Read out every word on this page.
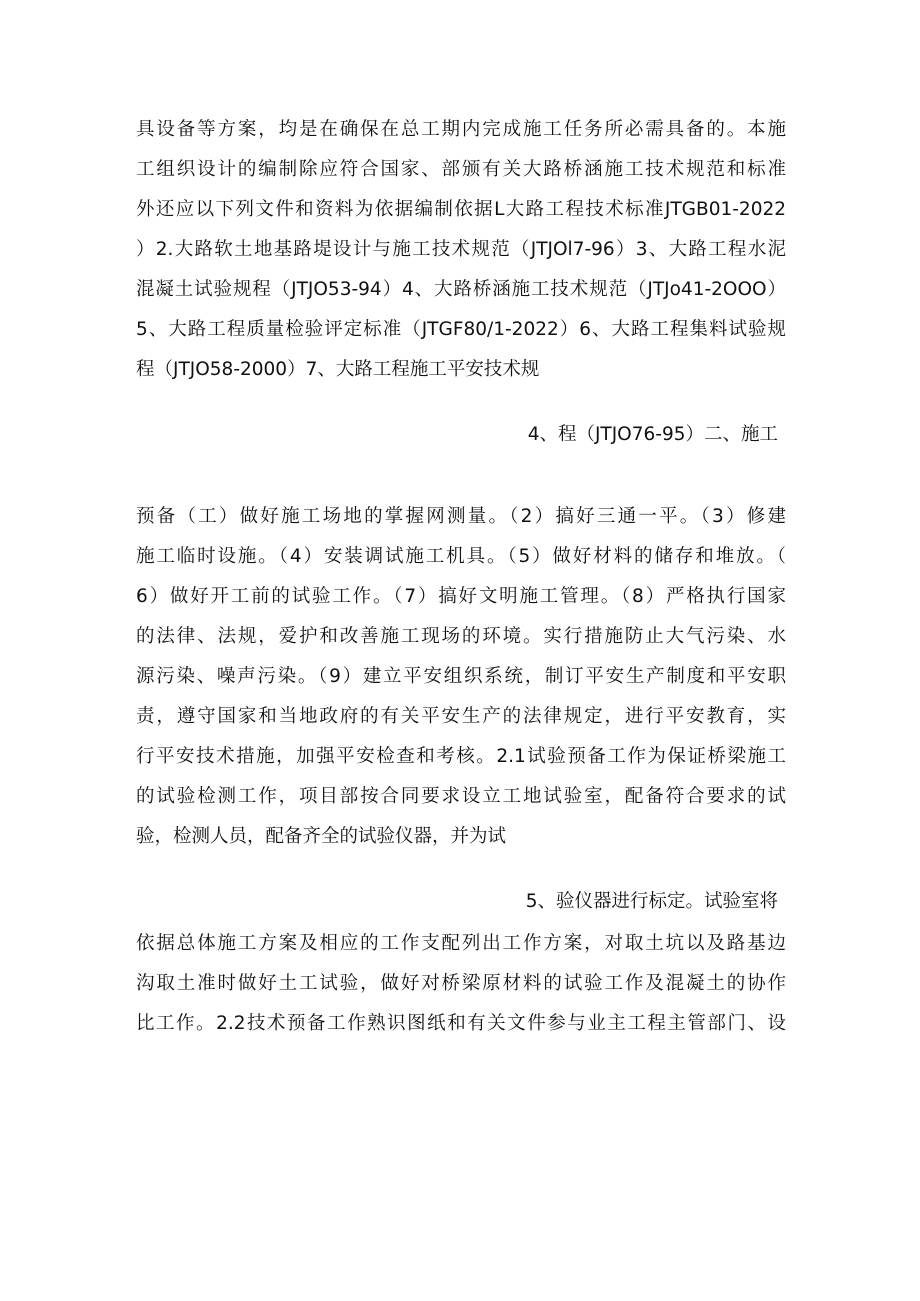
具设备等方案，均是在确保在总工期内完成施工任务所必需具备的。本施
工组织设计的编制除应符合国家、部颁有关大路桥涵施工技术规范和标准
外还应以下列文件和资料为依据编制依据L大路工程技术标准JTGB01-2022
）2.大路软土地基路堤设计与施工技术规范（JTJOl7-96）3、大路工程水泥
混凝土试验规程（JTJO53-94）4、大路桥涵施工技术规范（JTJo41-2OOO）
5、大路工程质量检验评定标准（JTGF80/1-2022）6、大路工程集料试验规
程（JTJO58-2000）7、大路工程施工平安技术规
4、程（JTJO76-95）二、施工
预备（工）做好施工场地的掌握网测量。（2）搞好三通一平。（3）修建
施工临时设施。（4）安装调试施工机具。（5）做好材料的储存和堆放。（
6）做好开工前的试验工作。（7）搞好文明施工管理。（8）严格执行国家
的法律、法规，爱护和改善施工现场的环境。实行措施防止大气污染、水
源污染、噪声污染。（9）建立平安组织系统，制订平安生产制度和平安职
责，遵守国家和当地政府的有关平安生产的法律规定，进行平安教育，实
行平安技术措施，加强平安检查和考核。2.1试验预备工作为保证桥梁施工
的试验检测工作，项目部按合同要求设立工地试验室，配备符合要求的试
验，检测人员，配备齐全的试验仪器，并为试
5、验仪器进行标定。试验室将
依据总体施工方案及相应的工作支配列出工作方案，对取土坑以及路基边
沟取土准时做好土工试验，做好对桥梁原材料的试验工作及混凝土的协作
比工作。2.2技术预备工作熟识图纸和有关文件参与业主工程主管部门、设
